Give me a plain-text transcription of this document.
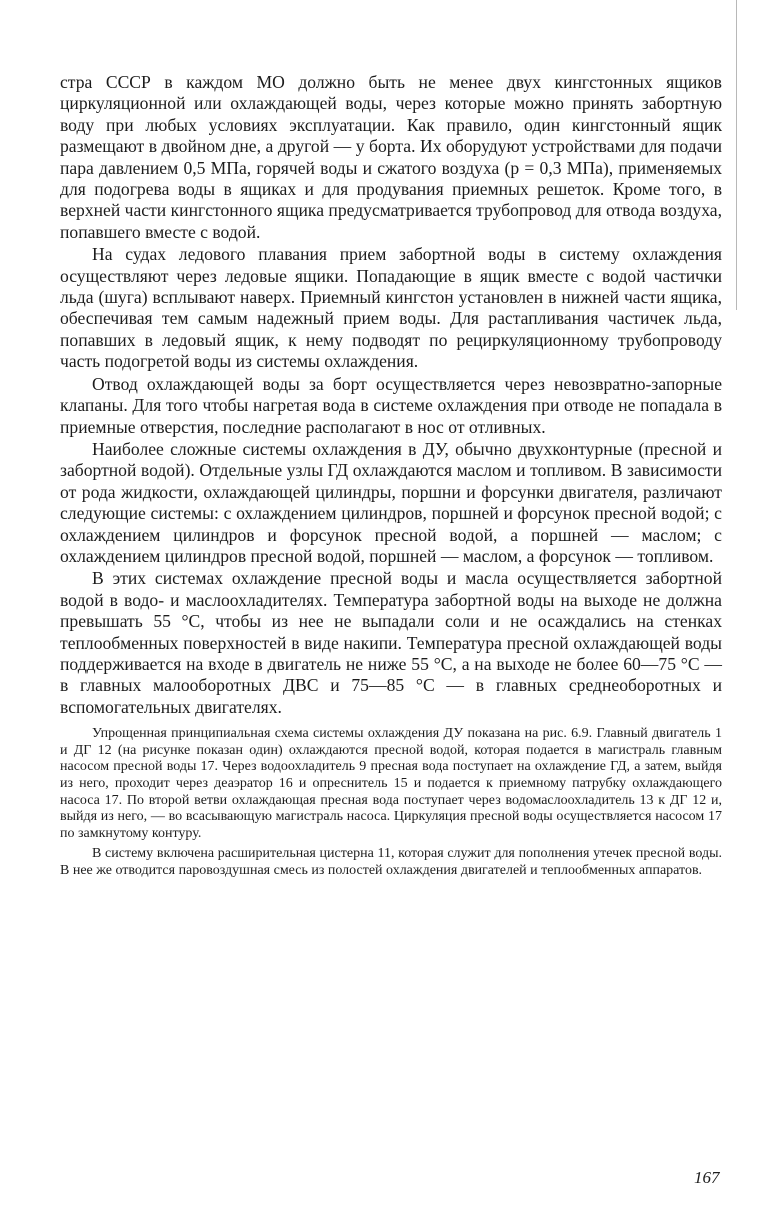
стра СССР в каждом МО должно быть не менее двух кингстонных ящиков циркуляционной или охлаждающей воды, через которые можно принять забортную воду при любых условиях эксплуатации. Как правило, один кингстонный ящик размещают в двойном дне, а другой — у борта. Их оборудуют устройствами для подачи пара давлением 0,5 МПа, горячей воды и сжатого воздуха (p = 0,3 МПа), применяемых для подогрева воды в ящиках и для продувания приемных решеток. Кроме того, в верхней части кингстонного ящика предусматривается трубопровод для отвода воздуха, попавшего вместе с водой.

На судах ледового плавания прием забортной воды в систему охлаждения осуществляют через ледовые ящики. Попадающие в ящик вместе с водой частички льда (шуга) всплывают наверх. Приемный кингстон установлен в нижней части ящика, обеспечивая тем самым надежный прием воды. Для растапливания частичек льда, попавших в ледовый ящик, к нему подводят по рециркуляционному трубопроводу часть подогретой воды из системы охлаждения.

Отвод охлаждающей воды за борт осуществляется через невозвратно-запорные клапаны. Для того чтобы нагретая вода в системе охлаждения при отводе не попадала в приемные отверстия, последние располагают в нос от отливных.

Наиболее сложные системы охлаждения в ДУ, обычно двухконтурные (пресной и забортной водой). Отдельные узлы ГД охлаждаются маслом и топливом. В зависимости от рода жидкости, охлаждающей цилиндры, поршни и форсунки двигателя, различают следующие системы: с охлаждением цилиндров, поршней и форсунок пресной водой; с охлаждением цилиндров и форсунок пресной водой, а поршней — маслом; с охлаждением цилиндров пресной водой, поршней — маслом, а форсунок — топливом.

В этих системах охлаждение пресной воды и масла осуществляется забортной водой в водо- и маслоохладителях. Температура забортной воды на выходе не должна превышать 55 °С, чтобы из нее не выпадали соли и не осаждались на стенках теплообменных поверхностей в виде накипи. Температура пресной охлаждающей воды поддерживается на входе в двигатель не ниже 55 °С, а на выходе не более 60—75 °С — в главных малооборотных ДВС и 75—85 °С — в главных среднеоборотных и вспомогательных двигателях.

Упрощенная принципиальная схема системы охлаждения ДУ показана на рис. 6.9. Главный двигатель 1 и ДГ 12 (на рисунке показан один) охлаждаются пресной водой, которая подается в магистраль главным насосом пресной воды 17. Через водоохладитель 9 пресная вода поступает на охлаждение ГД, а затем, выйдя из него, проходит через деаэратор 16 и опреснитель 15 и подается к приемному патрубку охлаждающего насоса 17. По второй ветви охлаждающая пресная вода поступает через водомаслоохладитель 13 к ДГ 12 и, выйдя из него, — во всасывающую магистраль насоса. Циркуляция пресной воды осуществляется насосом 17 по замкнутому контуру.

В систему включена расширительная цистерна 11, которая служит для пополнения утечек пресной воды. В нее же отводится паровоздушная смесь из полостей охлаждения двигателей и теплообменных аппаратов.

167
